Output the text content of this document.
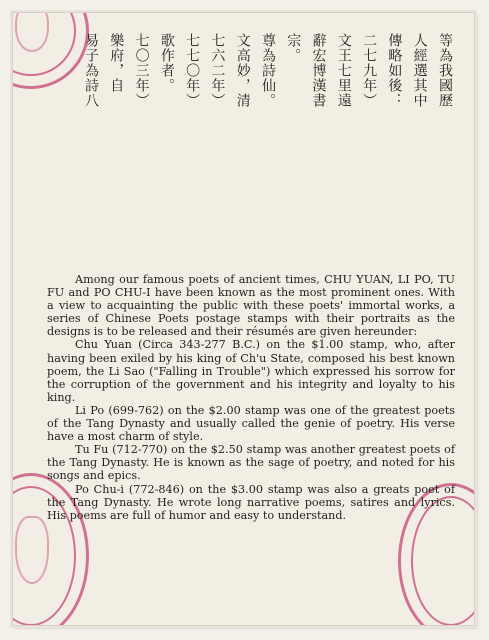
等為我國歷
人經選其中
傳略如後：
二七九年）
文王七里遠
辭宏博漢書
宗。
尊為詩仙。
文高妙，清
七六二年）
七七〇年）
歌作者。
七〇三年）
樂府，自
易子為詩八

Among our famous poets of ancient times, CHU YUAN, LI PO, TU FU and PO CHU-I have been known as the most prominent ones. With a view to acquainting the public with these poets' immortal works, a series of Chinese Poets postage stamps with their portraits as the designs is to be released and their résumés are given hereunder:

Chu Yuan (Circa 343-277 B.C.) on the $1.00 stamp, who, after having been exiled by his king of Ch'u State, composed his best known poem, the Li Sao ("Falling in Trouble") which expressed his sorrow for the corruption of the government and his integrity and loyalty to his king.

Li Po (699-762) on the $2.00 stamp was one of the greatest poets of the Tang Dynasty and usually called the genie of poetry. His verse have a most charm of style.

Tu Fu (712-770) on the $2.50 stamp was another greatest poets of the Tang Dynasty. He is known as the sage of poetry, and noted for his songs and epics.

Po Chu-i (772-846) on the $3.00 stamp was also a greats poet of the Tang Dynasty. He wrote long narrative poems, satires and lyrics. His poems are full of humor and easy to understand.
